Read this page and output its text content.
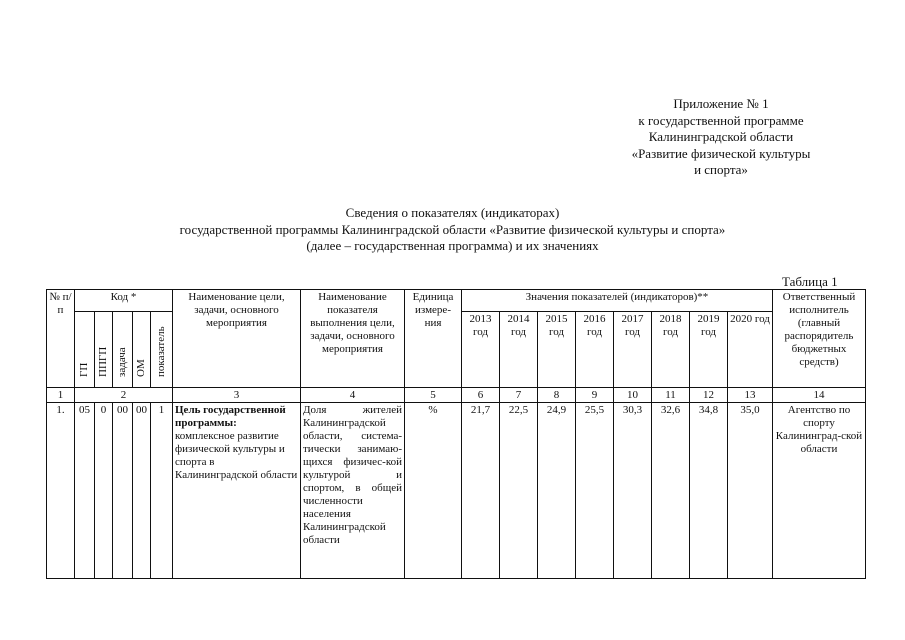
Приложение № 1
к государственной программе
Калининградской области
«Развитие физической культуры
и спорта»
Сведения о показателях (индикаторах)
государственной программы Калининградской области «Развитие физической культуры и спорта»
(далее – государственная программа) и их значениях
Таблица 1
№ п/п	Код *					Наименование цели, задачи, основного мероприятия	Наименование показателя выполнения цели, задачи, основного мероприятия	Единица измере-ния	Значения показателей (индикаторов)**								Ответственный исполнитель (главный распорядитель бюджетных средств)

	ГП	ППГП	задача	ОМ	показатель				2013 год	2014 год	2015 год	2016 год	2017 год	2018 год	2019 год	2020 год	
1	2					3	4	5	6	7	8	9	10	11	12	13	14
1.	05	0	00	00	1	Цель государственной программы: комплексное развитие физической культуры и спорта в Калининградской области	Доля жителей Калининградской области, система-тически занимаю-щихся физичес-кой культурой и спортом, в общей численности населения Калининградской области	%	21,7	22,5	24,9	25,5	30,3	32,6	34,8	35,0	Агентство по спорту Калининград-ской области
